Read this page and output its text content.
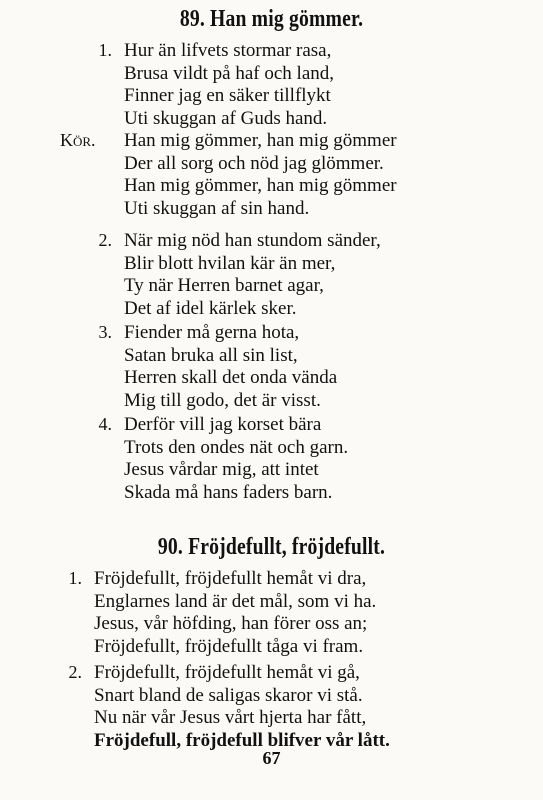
89. Han mig gömmer.
1. Hur än lifvets stormar rasa,
Brusa vildt på haf och land,
Finner jag en säker tillflykt
Uti skuggan af Guds hand.
Kör.	Han mig gömmer, han mig gömmer
Der all sorg och nöd jag glömmer.
Han mig gömmer, han mig gömmer
Uti skuggan af sin hand.
2. När mig nöd han stundom sänder,
Blir blott hvilan kär än mer,
Ty när Herren barnet agar,
Det af idel kärlek sker.
3. Fiender må gerna hota,
Satan bruka all sin list,
Herren skall det onda vända
Mig till godo, det är visst.
4. Derför vill jag korset bära
Trots den ondes nät och garn.
Jesus vårdar mig, att intet
Skada må hans faders barn.
90. Fröjdefullt, fröjdefullt.
1. Fröjdefullt, fröjdefullt hemåt vi dra,
Englarnes land är det mål, som vi ha.
Jesus, vår höfding, han förer oss an;
Fröjdefullt, fröjdefullt tåga vi fram.
2. Fröjdefullt, fröjdefullt hemåt vi gå,
Snart bland de saligas skaror vi stå.
Nu när vår Jesus vårt hjerta har fått,
Fröjdefull, fröjdefull blifver vår lått.
67
